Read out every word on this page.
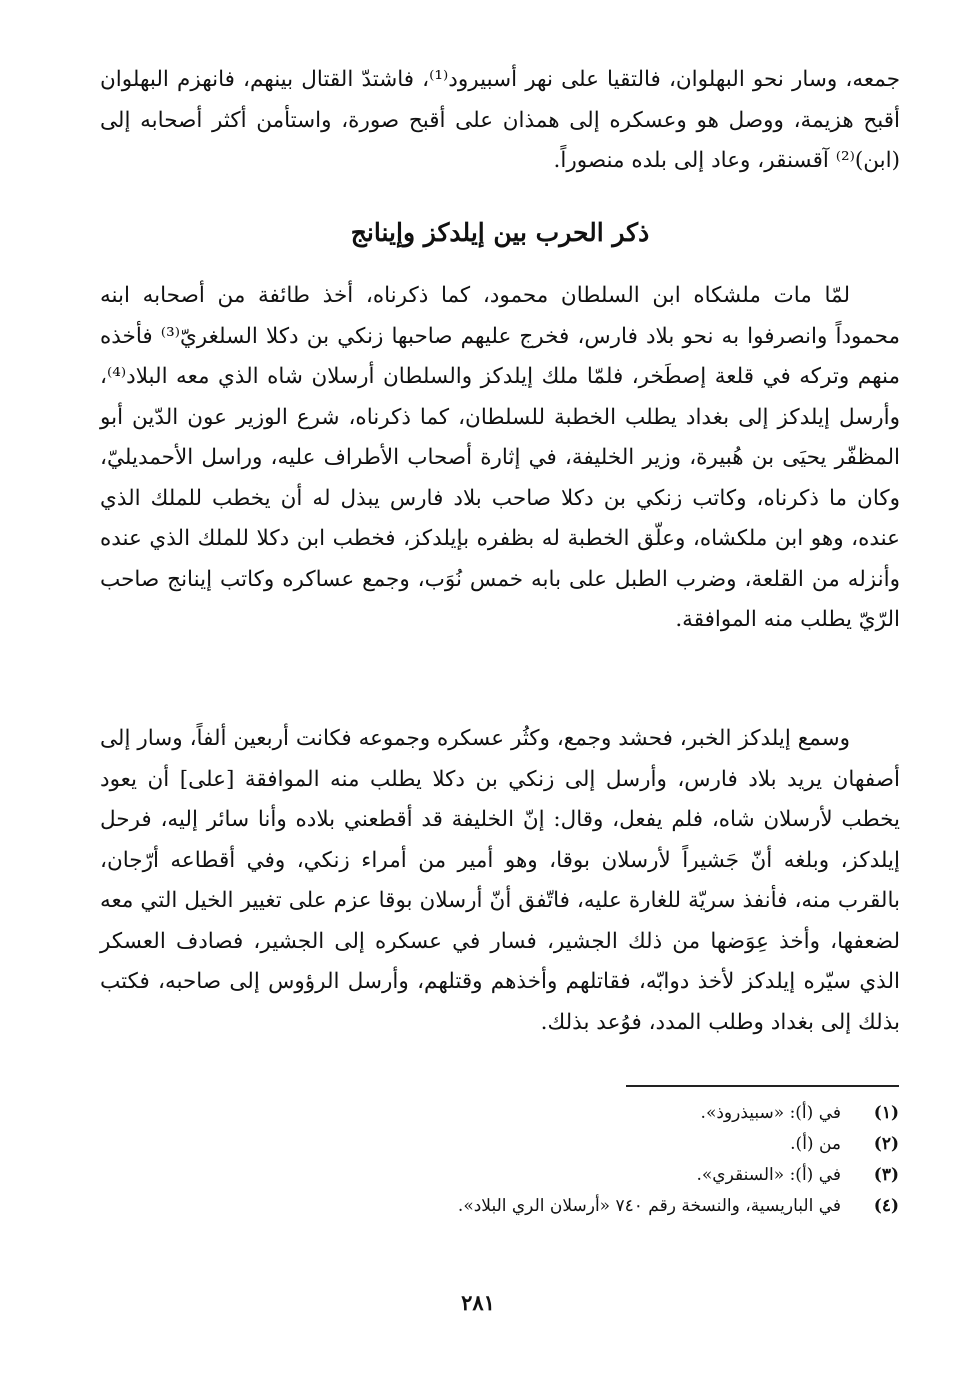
جمعه، وسار نحو البهلوان، فالتقيا على نهر أسبيرود⁽¹⁾، فاشتدّ القتال بينهم، فانهزم البهلوان أقبح هزيمة، ووصل هو وعسكره إلى همذان على أقبح صورة، واستأمن أكثر أصحابه إلى (ابن)⁽²⁾ آقسنقر، وعاد إلى بلده منصوراً.

ذكر الحرب بين إيلدكز وإينانج

لمّا مات ملشكاه ابن السلطان محمود، كما ذكرناه، أخذ طائفة من أصحابه ابنه محموداً وانصرفوا به نحو بلاد فارس، فخرج عليهم صاحبها زنكي بن دكلا السلغريّ⁽³⁾ فأخذه منهم وتركه في قلعة إصطَخر، فلمّا ملك إيلدكز والسلطان أرسلان شاه الذي معه البلاد⁽⁴⁾، وأرسل إيلدكز إلى بغداد يطلب الخطبة للسلطان، كما ذكرناه، شرع الوزير عون الدّين أبو المظفّر يحيَى بن هُبيرة، وزير الخليفة، في إثارة أصحاب الأطراف عليه، وراسل الأحمديليّ، وكان ما ذكرناه، وكاتب زنكي بن دكلا صاحب بلاد فارس يبذل له أن يخطب للملك الذي عنده، وهو ابن ملكشاه، وعلّق الخطبة له بظفره بإيلدكز، فخطب ابن دكلا للملك الذي عنده وأنزله من القلعة، وضرب الطبل على بابه خمس نُوَب، وجمع عساكره وكاتب إينانج صاحب الرّيّ يطلب منه الموافقة.

وسمع إيلدكز الخبر، فحشد وجمع، وكثُر عسكره وجموعه فكانت أربعين ألفاً، وسار إلى أصفهان يريد بلاد فارس، وأرسل إلى زنكي بن دكلا يطلب منه الموافقة [على] أن يعود يخطب لأرسلان شاه، فلم يفعل، وقال: إنّ الخليفة قد أقطعني بلاده وأنا سائر إليه، فرحل إيلدكز، وبلغه أنّ جَشيراً لأرسلان بوقا، وهو أمير من أمراء زنكي، وفي أقطاعه أرّجان، بالقرب منه، فأنفذ سريّة للغارة عليه، فاتّفق أنّ أرسلان بوقا عزم على تغيير الخيل التي معه لضعفها، وأخذ عِوَضها من ذلك الجشير، فسار في عسكره إلى الجشير، فصادف العسكر الذي سيّره إيلدكز لأخذ دوابّه، فقاتلهم وأخذهم وقتلهم، وأرسل الرؤوس إلى صاحبه، فكتب بذلك إلى بغداد وطلب المدد، فوُعد بذلك.

(١)
في (أ): «سبيذروذ».
(٢)
من (أ).
(٣)
في (أ): «السنقري».
(٤)
في الباريسية، والنسخة رقم ٧٤٠ «أرسلان الري البلاد».
٢٨١
